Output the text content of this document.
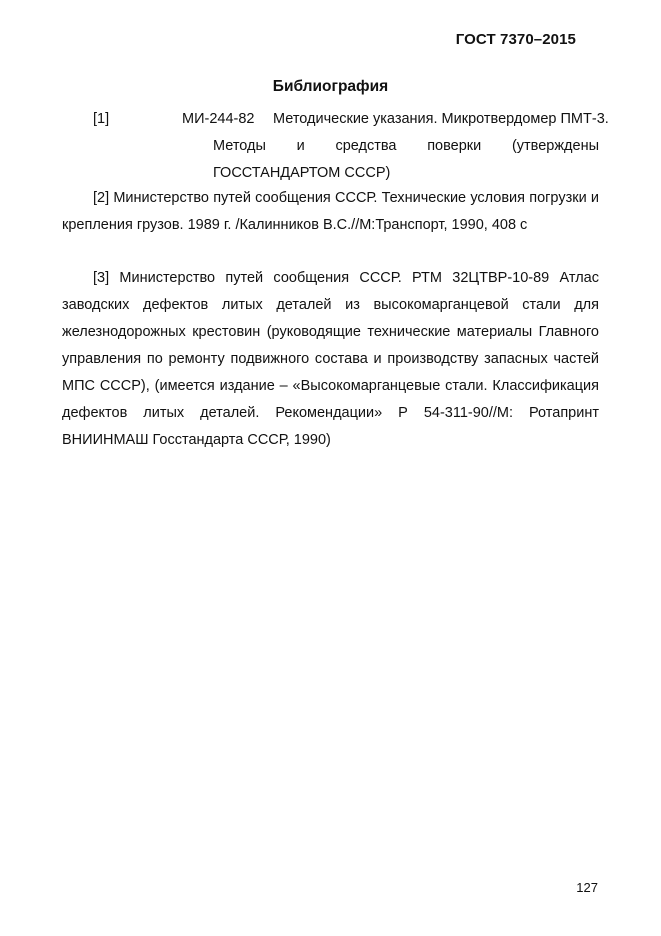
ГОСТ 7370–2015
Библиография
[1]	МИ-244-82	Методические указания. Микротвердомер ПМТ-3.
Методы и средства поверки (утверждены
ГОССТАНДАРТОМ СССР)

[2] Министерство путей сообщения СССР. Технические условия погрузки и крепления грузов. 1989 г. /Калинников В.С.//М:Транспорт, 1990, 408 с

[3] Министерство путей сообщения СССР. РТМ 32ЦТВР-10-89 Атлас заводских дефектов литых деталей из высокомарганцевой стали для железнодорожных крестовин (руководящие технические материалы Главного управления по ремонту подвижного состава и производству запасных частей МПС СССР), (имеется издание – «Высокомарганцевые стали. Классификация дефектов литых деталей. Рекомендации» Р 54-311-90//М: Ротапринт ВНИИНМАШ Госстандарта СССР, 1990)

127
